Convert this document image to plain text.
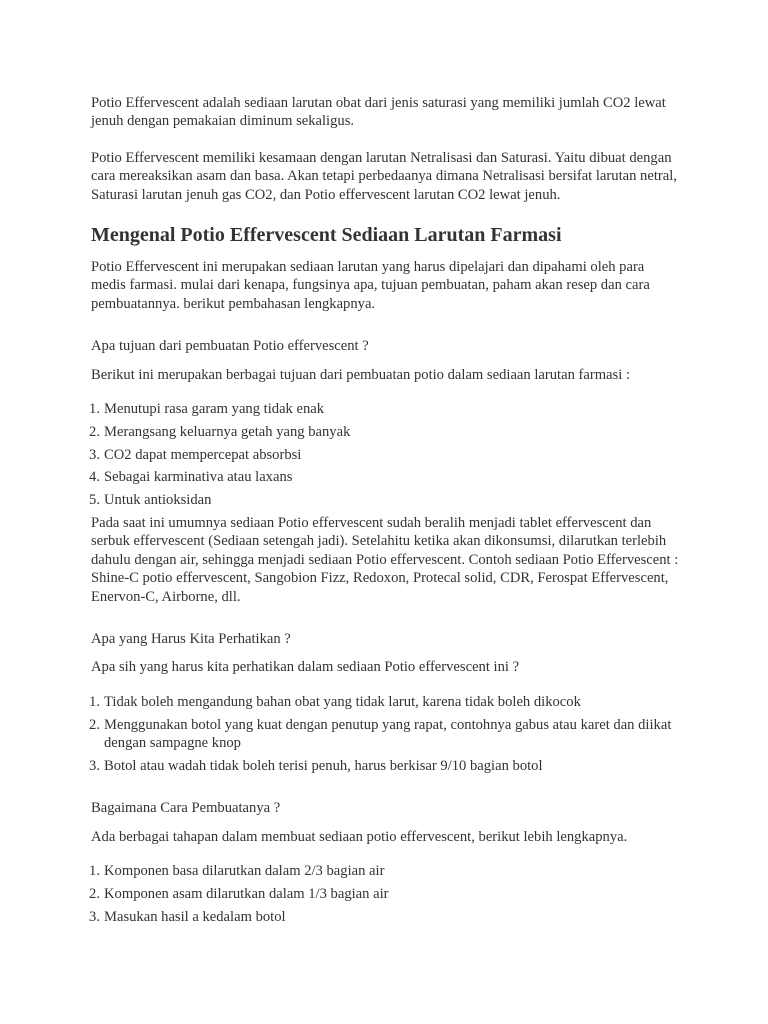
Potio Effervescent adalah sediaan larutan obat dari jenis saturasi yang memiliki jumlah CO2 lewat jenuh dengan pemakaian diminum sekaligus.

Potio Effervescent memiliki kesamaan dengan larutan Netralisasi dan Saturasi. Yaitu dibuat dengan cara mereaksikan asam dan basa. Akan tetapi perbedaanya dimana Netralisasi bersifat larutan netral, Saturasi larutan jenuh gas CO2, dan Potio effervescent larutan CO2 lewat jenuh.

Mengenal Potio Effervescent Sediaan Larutan Farmasi

Potio Effervescent ini merupakan sediaan larutan yang harus dipelajari dan dipahami oleh para medis farmasi. mulai dari kenapa, fungsinya apa, tujuan pembuatan, paham akan resep dan cara pembuatannya. berikut pembahasan lengkapnya.

Apa tujuan dari pembuatan Potio effervescent ?

Berikut ini merupakan berbagai tujuan dari pembuatan potio dalam sediaan larutan farmasi :

1. Menutupi rasa garam yang tidak enak
2. Merangsang keluarnya getah yang banyak
3. CO2 dapat mempercepat absorbsi
4. Sebagai karminativa atau laxans
5. Untuk antioksidan

Pada saat ini umumnya sediaan Potio effervescent sudah beralih menjadi tablet effervescent dan serbuk effervescent (Sediaan setengah jadi). Setelahitu ketika akan dikonsumsi, dilarutkan terlebih dahulu dengan air, sehingga menjadi sediaan Potio effervescent. Contoh sediaan Potio Effervescent : Shine-C potio effervescent, Sangobion Fizz, Redoxon, Protecal solid, CDR, Ferospat Effervescent, Enervon-C, Airborne, dll.

Apa yang Harus Kita Perhatikan ?

Apa sih yang harus kita perhatikan dalam sediaan Potio effervescent ini ?

1. Tidak boleh mengandung bahan obat yang tidak larut, karena tidak boleh dikocok
2. Menggunakan botol yang kuat dengan penutup yang rapat, contohnya gabus atau karet dan diikat dengan sampagne knop
3. Botol atau wadah tidak boleh terisi penuh, harus berkisar 9/10 bagian botol

Bagaimana Cara Pembuatanya ?

Ada berbagai tahapan dalam membuat sediaan potio effervescent, berikut lebih lengkapnya.

1. Komponen basa dilarutkan dalam 2/3 bagian air
2. Komponen asam dilarutkan dalam 1/3 bagian air
3. Masukan hasil a kedalam botol
